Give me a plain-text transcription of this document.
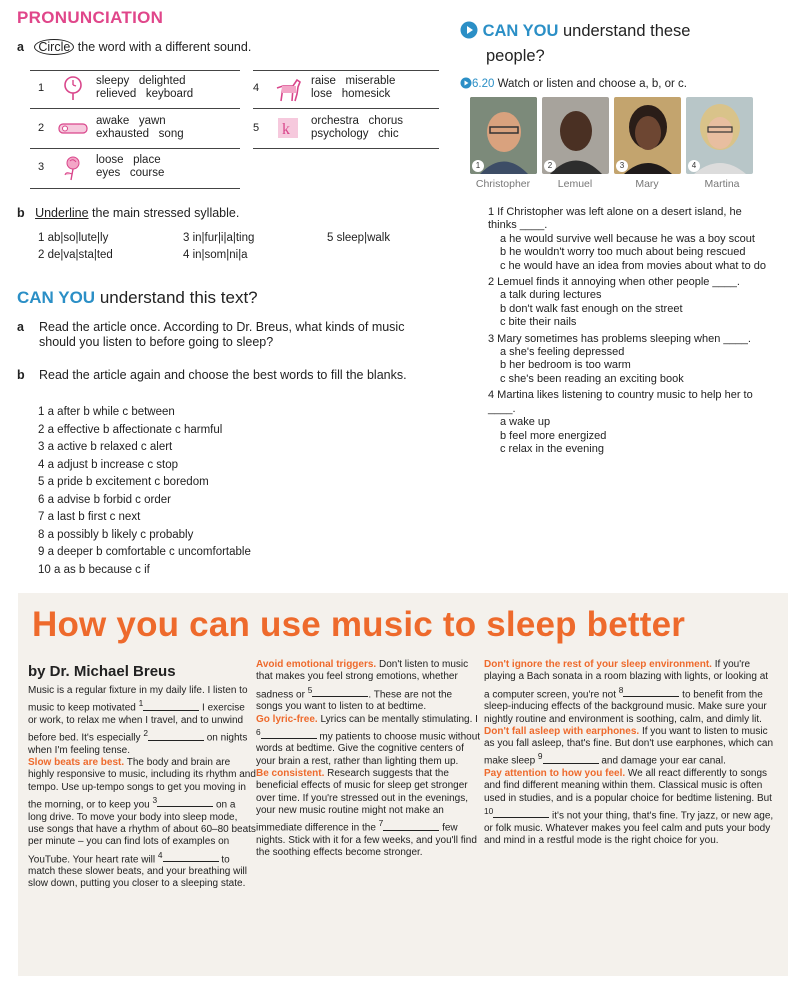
PRONUNCIATION
a Circle the word with a different sound.
1
sleepy delighted
relieved keyboard
2
awake yawn
exhausted song
3
loose place
eyes course
4
raise miserable
lose homesick
5	k orchestra chorus
psychology chic
b Underline the main stressed syllable.
1 ab|so|lute|ly	3 in|fur|i|a|ting	5 sleep|walk
2 de|va|sta|ted	4 in|som|ni|a
CAN YOU understand this text?
a	Read the article once. According to Dr. Breus, what kinds of music should you listen to before going to sleep?
b	Read the article again and choose the best words to fill the blanks.
1 a after b while c between
2 a effective b affectionate c harmful
3 a active b relaxed c alert
4 a adjust b increase c stop
5 a pride b excitement c boredom
6 a advise b forbid c order
7 a last b first c next
8 a possibly b likely c probably
9 a deeper b comfortable c uncomfortable
10 a as b because c if
CAN YOU understand these
people?
6.20 Watch or listen and choose a, b, or c.
1	2	3	4
Christopher	Lemuel	Mary	Martina
1 If Christopher was left alone on a desert island, he thinks ____.
a he would survive well because he was a boy scout
b he wouldn't worry too much about being rescued
c he would have an idea from movies about what to do
2 Lemuel finds it annoying when other people ____.
a talk during lectures
b don't walk fast enough on the street
c bite their nails
3 Mary sometimes has problems sleeping when ____.
a she's feeling depressed
b her bedroom is too warm
c she's been reading an exciting book
4 Martina likes listening to country music to help her to ____.
a wake up
b feel more energized
c relax in the evening
How you can use music to sleep better
by Dr. Michael Breus
Music is a regular fixture in my daily life. I listen to music to keep motivated $^1$	I exercise or work, to relax me when I travel, and to unwind before bed. It's especially $^2$	on nights when I'm feeling tense.
Slow beats are best. The body and brain are highly responsive to music, including its rhythm and tempo. Use up-tempo songs to get you moving in the morning, or to keep you $^3$	on a long drive. To move your body into sleep mode, use songs that have a rhythm of about 60–80 beats per minute – you can find lots of examples on YouTube. Your heart rate will $^4$	to match these slower beats, and your breathing will slow down, putting you closer to a sleeping state.
Avoid emotional triggers. Don't listen to music that makes you feel strong emotions, whether sadness or $^5$	. These are not the songs you want to listen to at bedtime.
Go lyric-free. Lyrics can be mentally stimulating. I $^6$	my patients to choose music without words at bedtime. Give the cognitive centers of your brain a rest, rather than lighting them up.
Be consistent. Research suggests that the beneficial effects of music for sleep get stronger over time. If you're stressed out in the evenings, your new music routine might not make an immediate difference in the $^7$	few nights. Stick with it for a few weeks, and you'll find the soothing effects become stronger.
Don't ignore the rest of your sleep environment. If you're playing a Bach sonata in a room blazing with lights, or looking at a computer screen, you're not $^8$	to benefit from the sleep-inducing effects of the background music. Make sure your nightly routine and environment is soothing, calm, and dimly lit.
Don't fall asleep with earphones. If you want to listen to music as you fall asleep, that's fine. But don't use earphones, which can make sleep $^9$	and damage your ear canal.
Pay attention to how you feel. We all react differently to songs and find different meaning within them. Classical music is often used in studies, and is a popular choice for bedtime listening. But $^{10}$	it's not your thing, that's fine. Try jazz, or new age, or folk music. Whatever makes you feel calm and puts your body and mind in a restful mode is the right choice for you.
